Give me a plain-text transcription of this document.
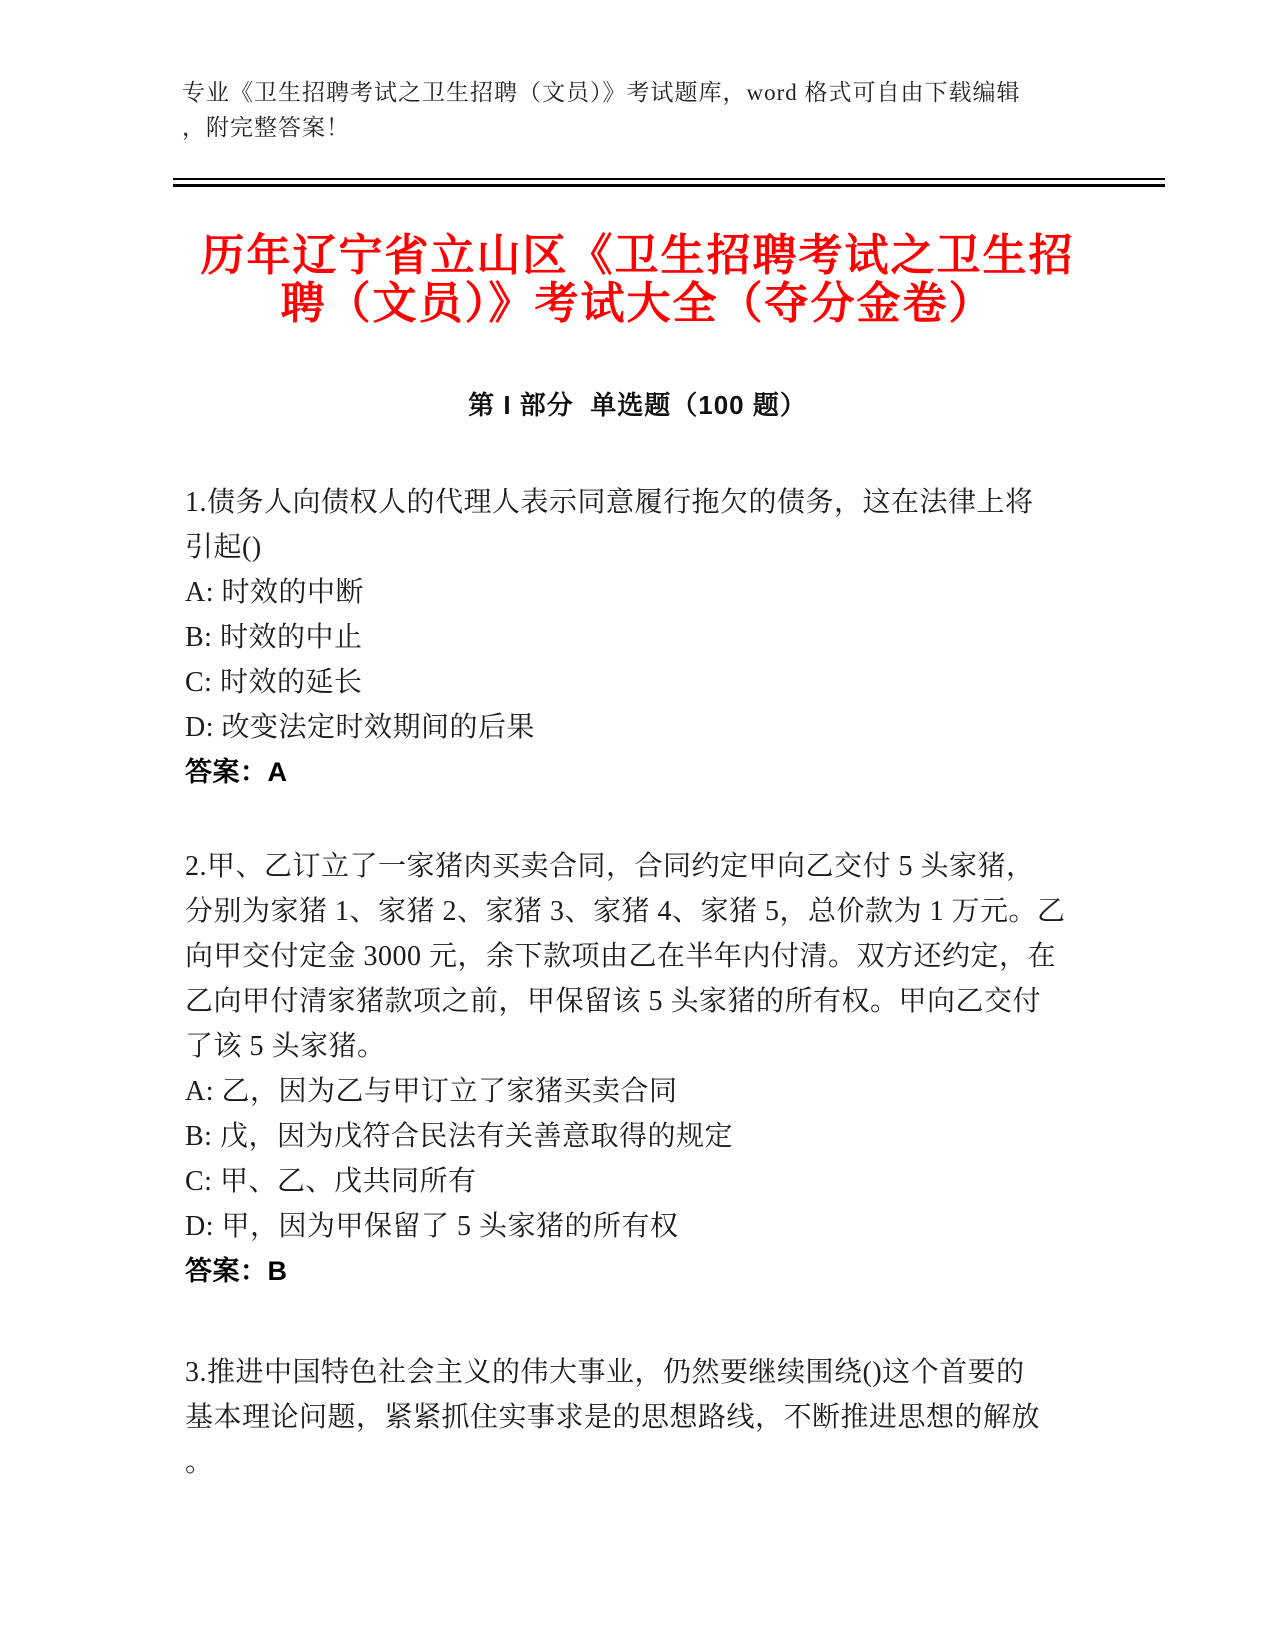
专业《卫生招聘考试之卫生招聘（文员）》考试题库，word 格式可自由下载编辑
，附完整答案！
历年辽宁省立山区《卫生招聘考试之卫生招
聘（文员）》考试大全（夺分金卷）
第 I 部分  单选题（100 题）
1.债务人向债权人的代理人表示同意履行拖欠的债务，这在法律上将
引起()
A: 时效的中断
B: 时效的中止
C: 时效的延长
D: 改变法定时效期间的后果
答案：A
2.甲、乙订立了一家猪肉买卖合同，合同约定甲向乙交付 5 头家猪，
分别为家猪 1、家猪 2、家猪 3、家猪 4、家猪 5，总价款为 1 万元。乙
向甲交付定金 3000 元，余下款项由乙在半年内付清。双方还约定，在
乙向甲付清家猪款项之前，甲保留该 5 头家猪的所有权。甲向乙交付
了该 5 头家猪。
A: 乙，因为乙与甲订立了家猪买卖合同
B: 戊，因为戊符合民法有关善意取得的规定
C: 甲、乙、戊共同所有
D: 甲，因为甲保留了 5 头家猪的所有权
答案：B
3.推进中国特色社会主义的伟大事业，仍然要继续围绕()这个首要的
基本理论问题，紧紧抓住实事求是的思想路线，不断推进思想的解放
。
